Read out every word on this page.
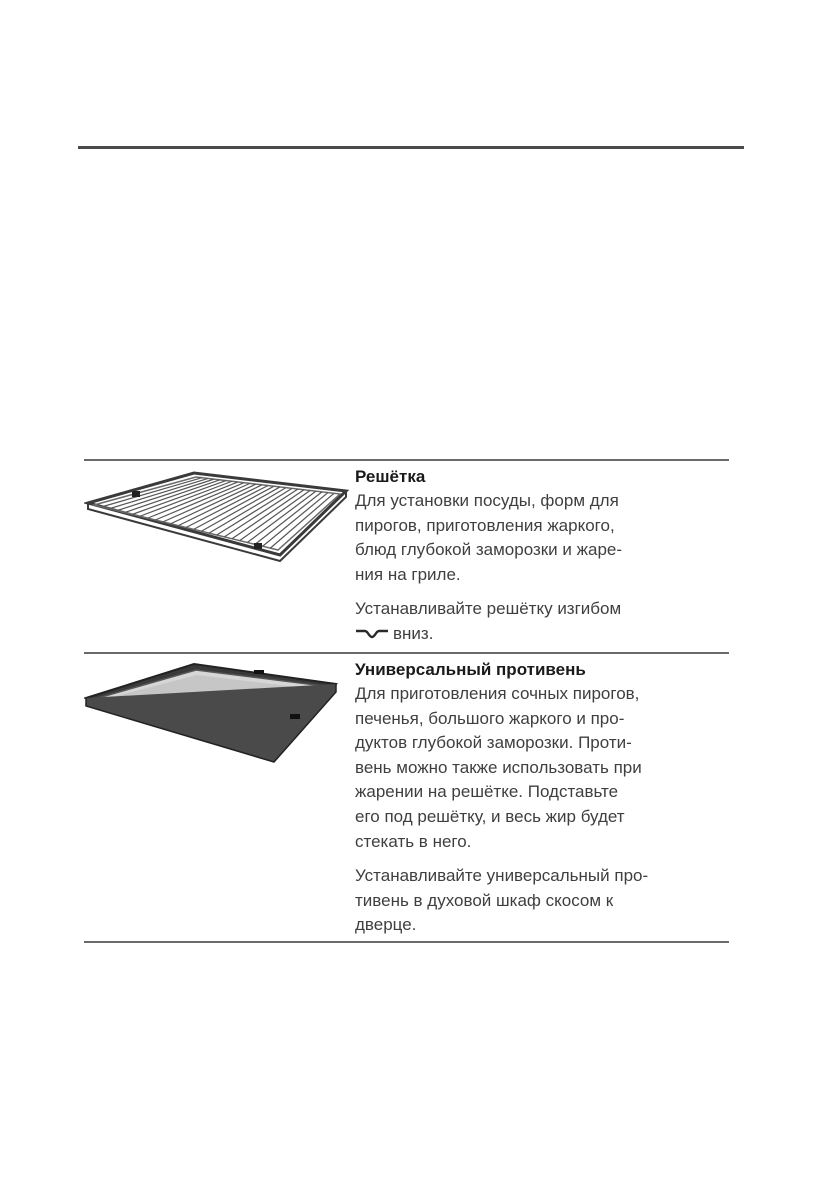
Решётка

Для установки посуды, форм для
пирогов, приготовления жаркого,
блюд глубокой заморозки и жаре-
ния на гриле.

Устанавливайте решётку изгибом

вниз.

Универсальный противень

Для приготовления сочных пирогов,
печенья, большого жаркого и про-
дуктов глубокой заморозки. Проти-
вень можно также использовать при
жарении на решётке. Подставьте
его под решётку, и весь жир будет
стекать в него.

Устанавливайте универсальный про-
тивень в духовой шкаф скосом к
дверце.
